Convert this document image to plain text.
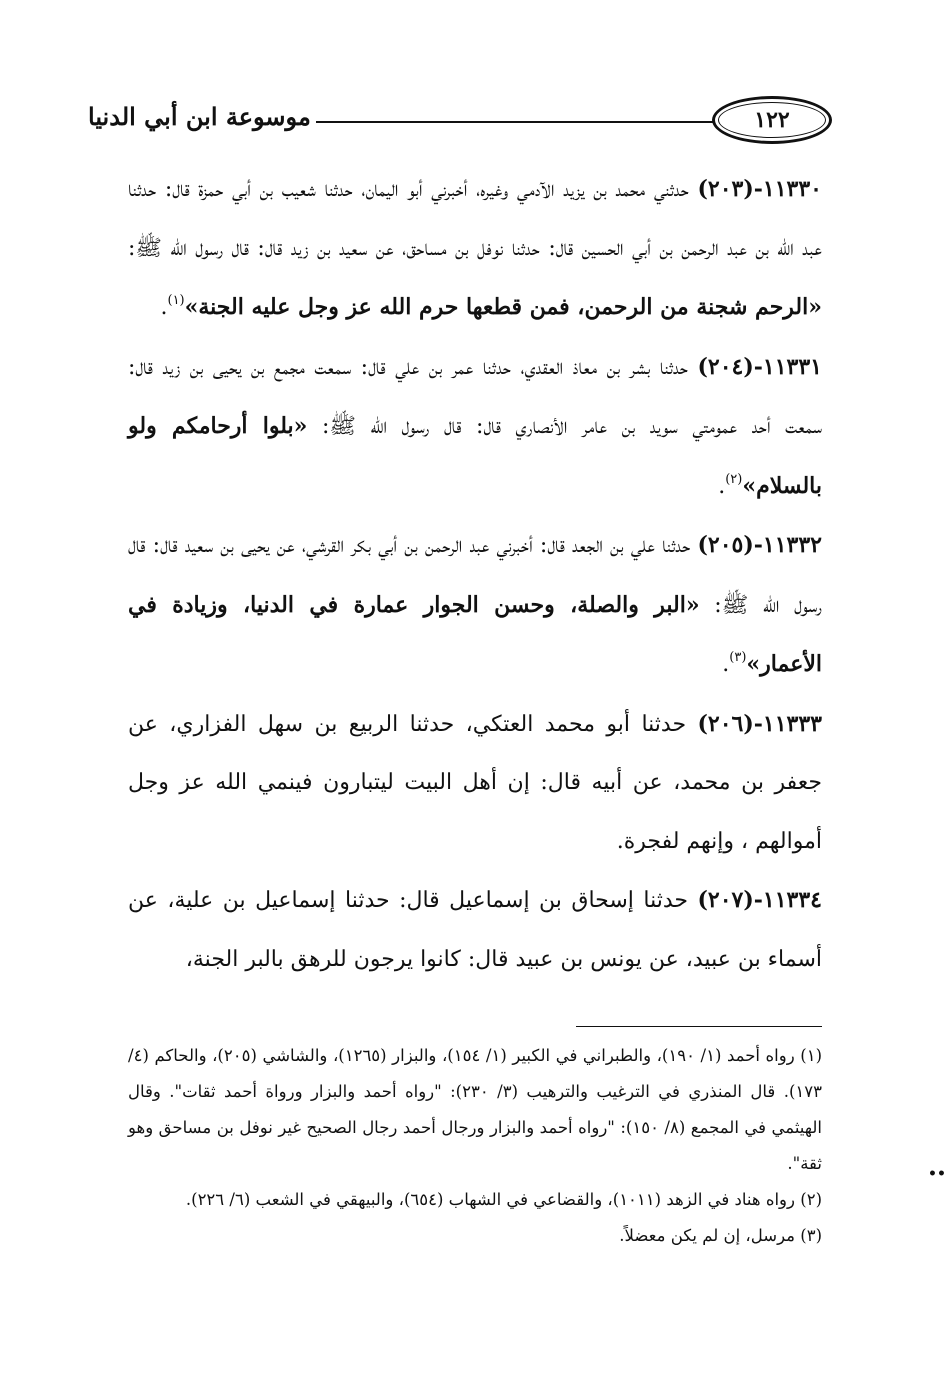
١٢٢
موسوعة ابن أبي الدنيا

١١٣٣٠-(٢٠٣) حدثني محمد بن يزيد الآدمي وغيره، أخبرني أبو اليمان، حدثنا شعيب بن أبي حمزة قال: حدثنا عبد الله بن عبد الرحمن بن أبي الحسين قال: حدثنا نوفل بن مساحق، عن سعيد بن زيد قال: قال رسول الله ﷺ: «الرحم شجنة من الرحمن، فمن قطعها حرم الله عز وجل عليه الجنة»$^{(١)}$.

١١٣٣١-(٢٠٤) حدثنا بشر بن معاذ العقدي، حدثنا عمر بن علي قال: سمعت مجمع بن يحيى بن زيد قال: سمعت أحد عمومتي سويد بن عامر الأنصاري قال: قال رسول الله ﷺ: «بلوا أرحامكم ولو بالسلام»$^{(٢)}$.

١١٣٣٢-(٢٠٥) حدثنا علي بن الجعد قال: أخبرني عبد الرحمن بن أبي بكر القرشي، عن يحيى بن سعيد قال: قال رسول الله ﷺ: «البر والصلة، وحسن الجوار عمارة في الدنيا، وزيادة في الأعمار»$^{(٣)}$.

١١٣٣٣-(٢٠٦) حدثنا أبو محمد العتكي، حدثنا الربيع بن سهل الفزاري، عن جعفر بن محمد، عن أبيه قال: إن أهل البيت ليتبارون فينمي الله عز وجل أموالهم ، وإنهم لفجرة.

١١٣٣٤-(٢٠٧) حدثنا إسحاق بن إسماعيل قال: حدثنا إسماعيل بن علية، عن أسماء بن عبيد، عن يونس بن عبيد قال: كانوا يرجون للرهق بالبر الجنة،

(١) رواه أحمد (١/ ١٩٠)، والطبراني في الكبير (١/ ١٥٤)، والبزار (١٢٦٥)، والشاشي (٢٠٥)، والحاكم (٤/ ١٧٣). قال المنذري في الترغيب والترهيب (٣/ ٢٣٠): "رواه أحمد والبزار ورواة أحمد ثقات". وقال الهيثمي في المجمع (٨/ ١٥٠): "رواه أحمد والبزار ورجال أحمد رجال الصحيح غير نوفل بن مساحق وهو ثقة".

(٢) رواه هناد في الزهد (١٠١١)، والقضاعي في الشهاب (٦٥٤)، والبيهقي في الشعب (٦/ ٢٢٦).

(٣) مرسل، إن لم يكن معضلاً.

••
